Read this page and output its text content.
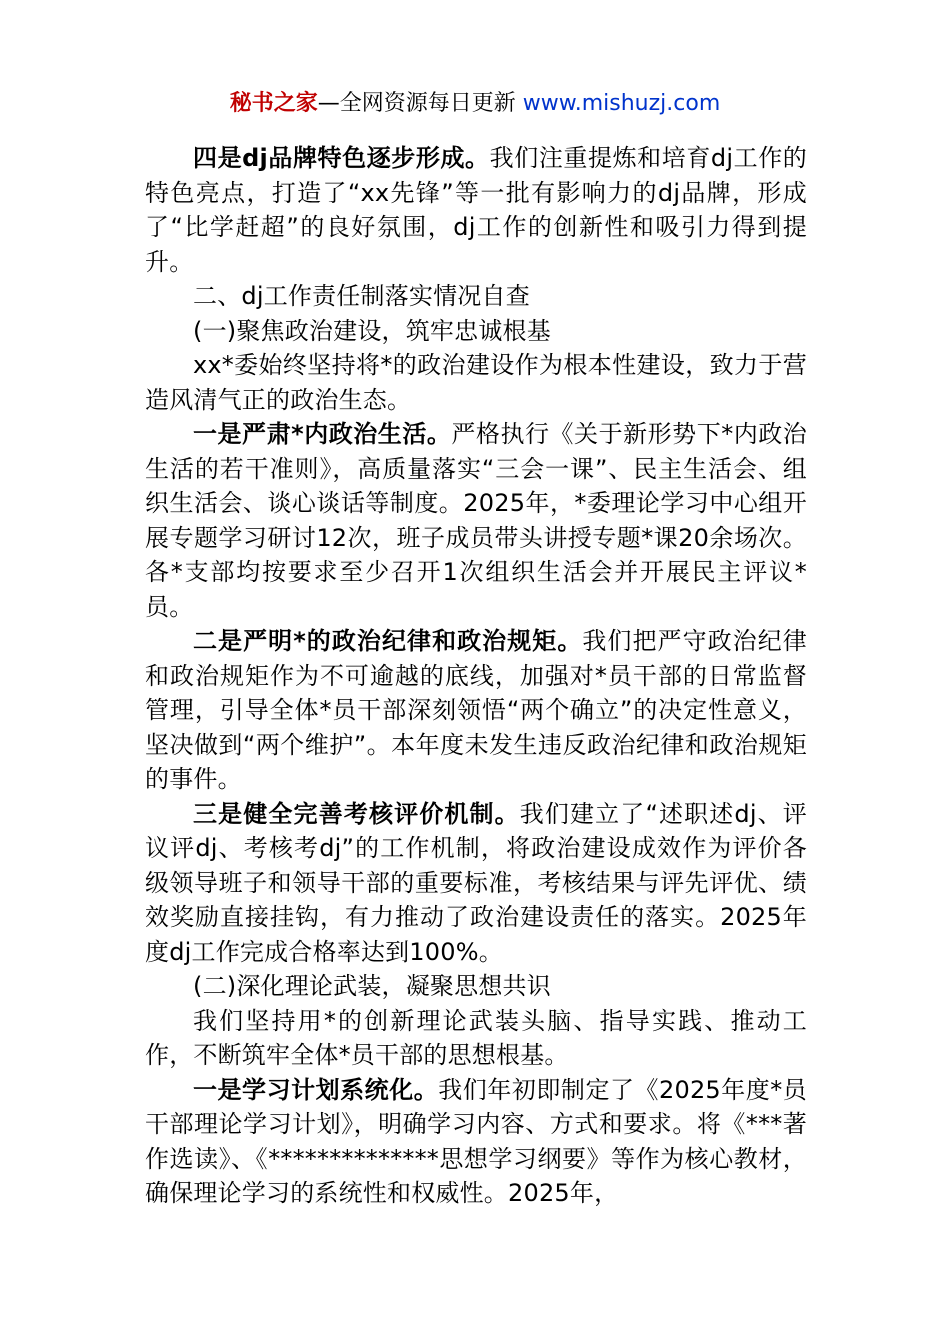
秘书之家—全网资源每日更新 www.mishuzj.com

四是dj品牌特色逐步形成。我们注重提炼和培育dj工作的特色亮点，打造了“xx先锋”等一批有影响力的dj品牌，形成了“比学赶超”的良好氛围，dj工作的创新性和吸引力得到提升。

二、dj工作责任制落实情况自查

(一)聚焦政治建设，筑牢忠诚根基

xx*委始终坚持将*的政治建设作为根本性建设，致力于营造风清气正的政治生态。

一是严肃*内政治生活。严格执行《关于新形势下*内政治生活的若干准则》，高质量落实“三会一课”、民主生活会、组织生活会、谈心谈话等制度。2025年，*委理论学习中心组开展专题学习研讨12次，班子成员带头讲授专题*课20余场次。各*支部均按要求至少召开1次组织生活会并开展民主评议*员。

二是严明*的政治纪律和政治规矩。我们把严守政治纪律和政治规矩作为不可逾越的底线，加强对*员干部的日常监督管理，引导全体*员干部深刻领悟“两个确立”的决定性意义，坚决做到“两个维护”。本年度未发生违反政治纪律和政治规矩的事件。

三是健全完善考核评价机制。我们建立了“述职述dj、评议评dj、考核考dj”的工作机制，将政治建设成效作为评价各级领导班子和领导干部的重要标准，考核结果与评先评优、绩效奖励直接挂钩，有力推动了政治建设责任的落实。2025年度dj工作完成合格率达到100%。

(二)深化理论武装，凝聚思想共识

我们坚持用*的创新理论武装头脑、指导实践、推动工作，不断筑牢全体*员干部的思想根基。

一是学习计划系统化。我们年初即制定了《2025年度*员干部理论学习计划》，明确学习内容、方式和要求。将《***著作选读》、《**************思想学习纲要》等作为核心教材，确保理论学习的系统性和权威性。2025年，
